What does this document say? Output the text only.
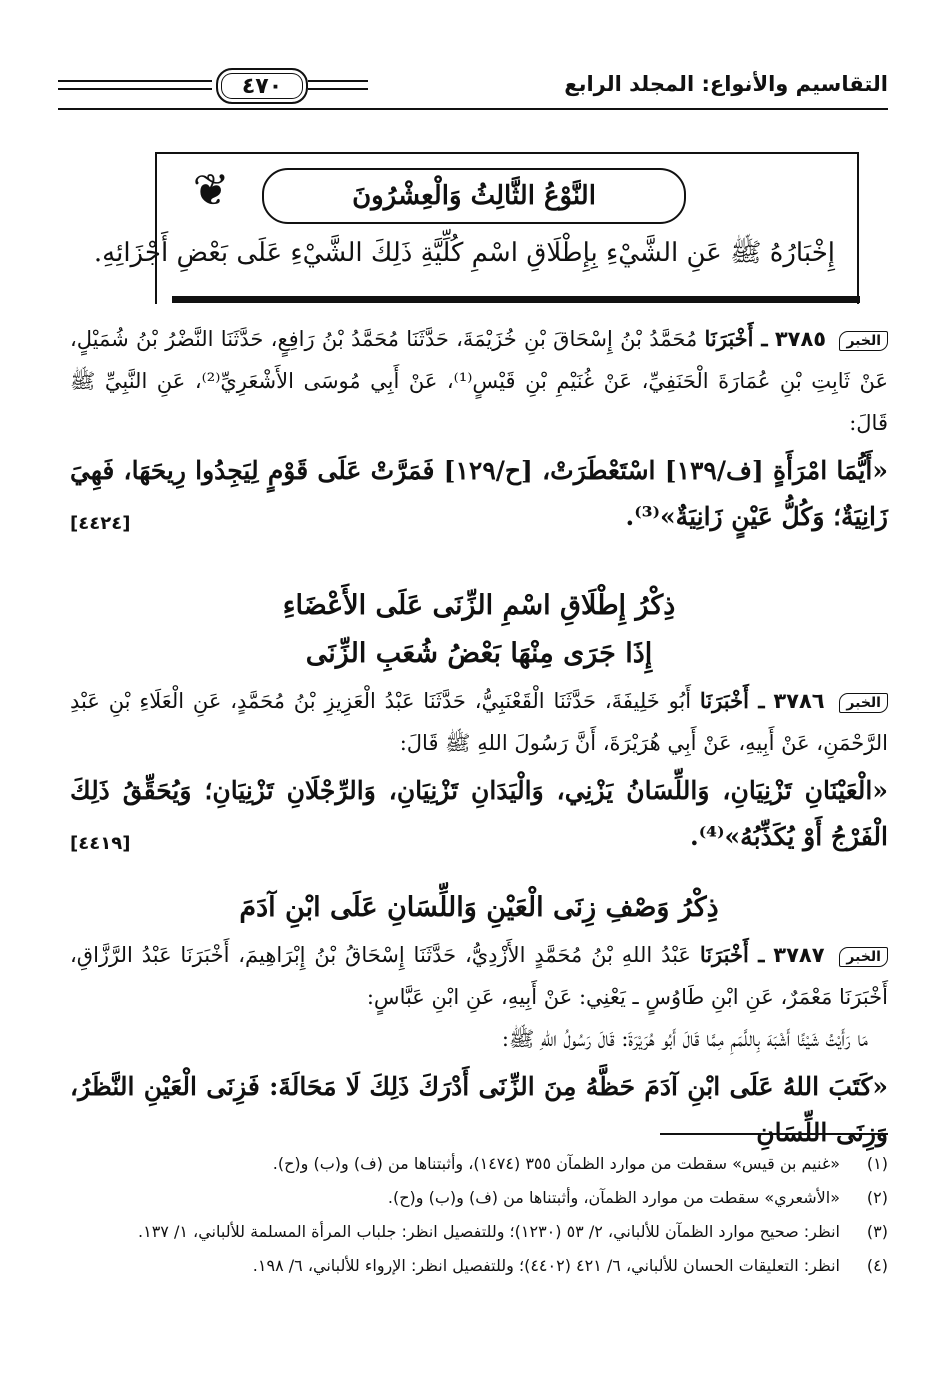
التقاسيم والأنواع: المجلد الرابع
٤٧٠
❦	النَّوْعُ الثَّالِثُ وَالْعِشْرُونَ
إِخْبَارُهُ ﷺ عَنِ الشَّيْءِ بِإِطْلَاقِ اسْمِ كُلِّيَّةِ ذَلِكَ الشَّيْءِ عَلَى بَعْضِ أَجْزَائِهِ.

الخبر ٣٧٨٥ ـ أَخْبَرَنَا مُحَمَّدُ بْنُ إِسْحَاقَ بْنِ خُزَيْمَةَ، حَدَّثَنَا مُحَمَّدُ بْنُ رَافِعٍ، حَدَّثَنَا النَّضْرُ بْنُ شُمَيْلٍ، عَنْ ثَابِتِ بْنِ عُمَارَةَ الْحَنَفِيِّ، عَنْ غُنَيْمِ بْنِ قَيْسٍ⁽¹⁾، عَنْ أَبِي مُوسَى الأَشْعَرِيِّ⁽²⁾، عَنِ النَّبِيِّ ﷺ قَالَ:

«أَيُّمَا امْرَأَةٍ [ف/١٣٩] اسْتَعْطَرَتْ، [ح/١٢٩] فَمَرَّتْ عَلَى قَوْمٍ لِيَجِدُوا رِيحَهَا، فَهِيَ زَانِيَةٌ؛ وَكُلُّ عَيْنٍ زَانِيَةٌ»⁽³⁾.

[٤٤٢٤]
ذِكْرُ إِطْلَاقِ اسْمِ الزِّنَى عَلَى الأَعْضَاءِ
إِذَا جَرَى مِنْهَا بَعْضُ شُعَبِ الزِّنَى

الخبر ٣٧٨٦ ـ أَخْبَرَنَا أَبُو خَلِيفَةَ، حَدَّثَنَا الْقَعْنَبِيُّ، حَدَّثَنَا عَبْدُ الْعَزِيزِ بْنُ مُحَمَّدٍ، عَنِ الْعَلَاءِ بْنِ عَبْدِ الرَّحْمَنِ، عَنْ أَبِيهِ، عَنْ أَبِي هُرَيْرَةَ، أَنَّ رَسُولَ اللهِ ﷺ قَالَ:

«الْعَيْنَانِ تَزْنِيَانِ، وَاللِّسَانُ يَزْنِي، وَالْيَدَانِ تَزْنِيَانِ، وَالرِّجْلَانِ تَزْنِيَانِ؛ وَيُحَقِّقُ ذَلِكَ الْفَرْجُ أَوْ يُكَذِّبُهُ»⁽⁴⁾.

[٤٤١٩]
ذِكْرُ وَصْفِ زِنَى الْعَيْنِ وَاللِّسَانِ عَلَى ابْنِ آدَمَ

الخبر ٣٧٨٧ ـ أَخْبَرَنَا عَبْدُ اللهِ بْنُ مُحَمَّدٍ الأَزْدِيُّ، حَدَّثَنَا إِسْحَاقُ بْنُ إِبْرَاهِيمَ، أَخْبَرَنَا عَبْدُ الرَّزَّاقِ، أَخْبَرَنَا مَعْمَرٌ، عَنِ ابْنِ طَاوُسٍ ـ يَعْنِي: عَنْ أَبِيهِ، عَنِ ابْنِ عَبَّاسٍ:

مَا رَأَيْتُ شَيْئًا أَشْبَهَ بِاللَّمَمِ مِمَّا قَالَ أَبُو هُرَيْرَةَ: قَالَ رَسُولُ اللهِ ﷺ:

«كَتَبَ اللهُ عَلَى ابْنِ آدَمَ حَظَّهُ مِنَ الزِّنَى أَدْرَكَ ذَلِكَ لَا مَحَالَةَ: فَزِنَى الْعَيْنِ النَّظَرُ، وَزِنَى اللِّسَانِ

(١)
«غنيم بن قيس» سقطت من موارد الظمآن ٣٥٥ (١٤٧٤)، وأثبتناها من (ف) و(ب) و(ح).
(٢)
«الأشعري» سقطت من موارد الظمآن، وأثبتناها من (ف) و(ب) و(ح).
(٣)
انظر: صحيح موارد الظمآن للألباني، ٢/ ٥٣ (١٢٣٠)؛ وللتفصيل انظر: جلباب المرأة المسلمة للألباني، ١/ ١٣٧.
(٤)
انظر: التعليقات الحسان للألباني، ٦/ ٤٢١ (٤٤٠٢)؛ وللتفصيل انظر: الإرواء للألباني، ٦/ ١٩٨.
